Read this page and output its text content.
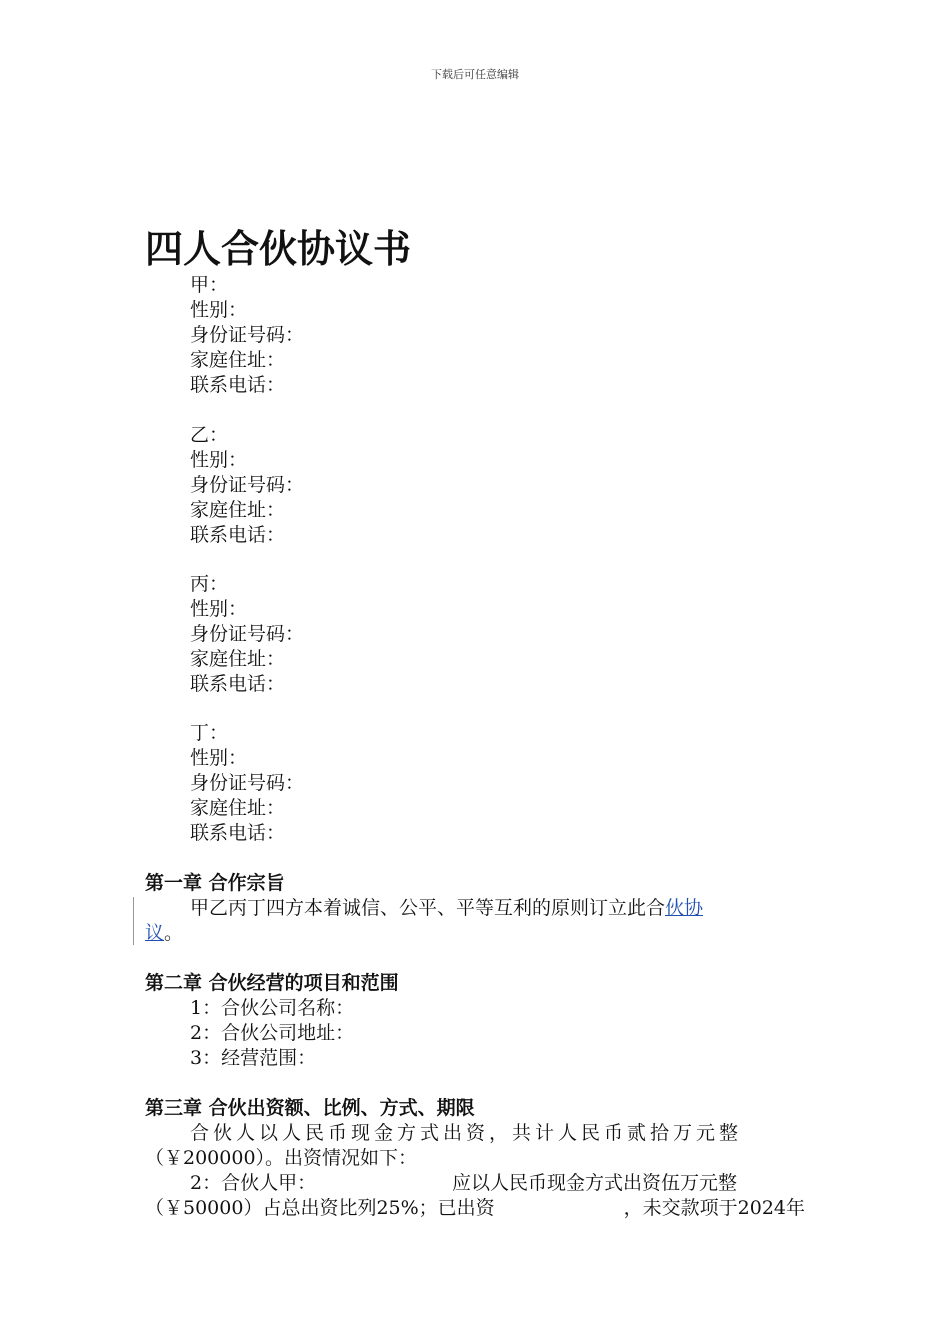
下载后可任意编辑
四人合伙协议书
甲：
性别：
身份证号码：
家庭住址：
联系电话：
乙：
性别：
身份证号码：
家庭住址：
联系电话：
丙：
性别：
身份证号码：
家庭住址：
联系电话：
丁：
性别：
身份证号码：
家庭住址：
联系电话：
第一章 合作宗旨
甲乙丙丁四方本着诚信、公平、平等互利的原则订立此合伙协
议。
第二章 合伙经营的项目和范围
1：合伙公司名称：
2：合伙公司地址：
3：经营范围：
第三章 合伙出资额、比例、方式、期限
合伙人以人民币现金方式出资，共计人民币贰拾万元整
（￥200000）。出资情况如下：
2：合伙人甲：	应以人民币现金方式出资伍万元整
（￥50000）占总出资比列25%；已出资	，未交款项于2024年
